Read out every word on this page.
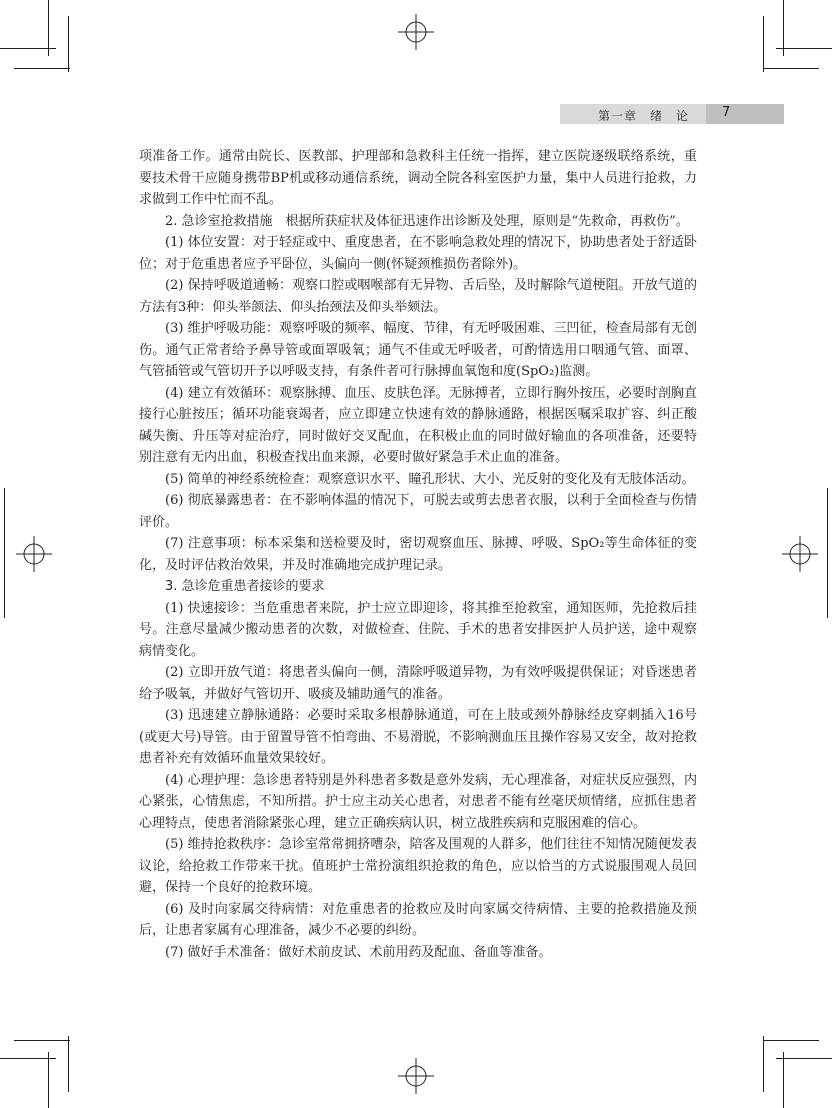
第一章　绪　论	7

项准备工作。通常由院长、医教部、护理部和急救科主任统一指挥，建立医院逐级联络系统，重要技术骨干应随身携带BP机或移动通信系统，调动全院各科室医护力量，集中人员进行抢救，力求做到工作中忙而不乱。

2. 急诊室抢救措施　根据所获症状及体征迅速作出诊断及处理，原则是“先救命，再救伤”。

(1) 体位安置：对于轻症或中、重度患者，在不影响急救处理的情况下，协助患者处于舒适卧位；对于危重患者应予平卧位，头偏向一侧(怀疑颈椎损伤者除外)。

(2) 保持呼吸道通畅：观察口腔或咽喉部有无异物、舌后坠，及时解除气道梗阻。开放气道的方法有3种：仰头举颌法、仰头抬颈法及仰头举颏法。

(3) 维护呼吸功能：观察呼吸的频率、幅度、节律，有无呼吸困难、三凹征，检查局部有无创伤。通气正常者给予鼻导管或面罩吸氧；通气不佳或无呼吸者，可酌情选用口咽通气管、面罩、气管插管或气管切开予以呼吸支持，有条件者可行脉搏血氧饱和度(SpO₂)监测。

(4) 建立有效循环：观察脉搏、血压、皮肤色泽。无脉搏者，立即行胸外按压，必要时剖胸直接行心脏按压；循环功能衰竭者，应立即建立快速有效的静脉通路，根据医嘱采取扩容、纠正酸碱失衡、升压等对症治疗，同时做好交叉配血，在积极止血的同时做好输血的各项准备，还要特别注意有无内出血，积极查找出血来源，必要时做好紧急手术止血的准备。

(5) 简单的神经系统检查：观察意识水平、瞳孔形状、大小、光反射的变化及有无肢体活动。

(6) 彻底暴露患者：在不影响体温的情况下，可脱去或剪去患者衣服，以利于全面检查与伤情评价。

(7) 注意事项：标本采集和送检要及时，密切观察血压、脉搏、呼吸、SpO₂等生命体征的变化，及时评估救治效果，并及时准确地完成护理记录。

3. 急诊危重患者接诊的要求

(1) 快速接诊：当危重患者来院，护士应立即迎诊，将其推至抢救室，通知医师，先抢救后挂号。注意尽量减少搬动患者的次数，对做检查、住院、手术的患者安排医护人员护送，途中观察病情变化。

(2) 立即开放气道：将患者头偏向一侧，清除呼吸道异物，为有效呼吸提供保证；对昏迷患者给予吸氧，并做好气管切开、吸痰及辅助通气的准备。

(3) 迅速建立静脉通路：必要时采取多根静脉通道，可在上肢或颈外静脉经皮穿刺插入16号(或更大号)导管。由于留置导管不怕弯曲、不易滑脱，不影响测血压且操作容易又安全，故对抢救患者补充有效循环血量效果较好。

(4) 心理护理：急诊患者特别是外科患者多数是意外发病，无心理准备，对症状反应强烈，内心紧张，心情焦虑，不知所措。护士应主动关心患者，对患者不能有丝毫厌烦情绪，应抓住患者心理特点，使患者消除紧张心理，建立正确疾病认识，树立战胜疾病和克服困难的信心。

(5) 维持抢救秩序：急诊室常常拥挤嘈杂，陪客及围观的人群多，他们往往不知情况随便发表议论，给抢救工作带来干扰。值班护士常扮演组织抢救的角色，应以恰当的方式说服围观人员回避，保持一个良好的抢救环境。

(6) 及时向家属交待病情：对危重患者的抢救应及时向家属交待病情、主要的抢救措施及预后，让患者家属有心理准备，减少不必要的纠纷。

(7) 做好手术准备：做好术前皮试、术前用药及配血、备血等准备。
